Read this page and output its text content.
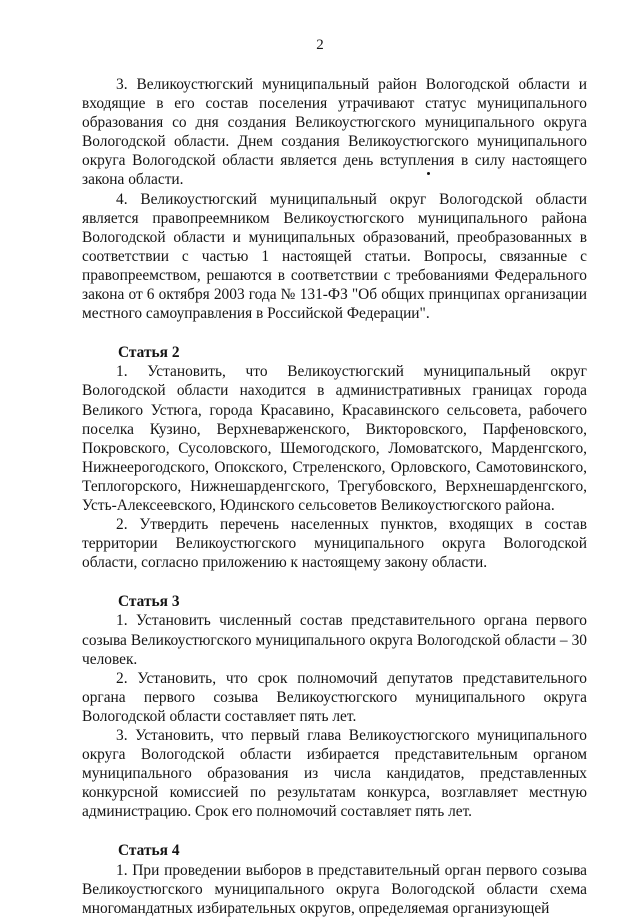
2

3. Великоустюгский муниципальный район Вологодской области и входящие в его состав поселения утрачивают статус муниципального образования со дня создания Великоустюгского муниципального округа Вологодской области. Днем создания Великоустюгского муниципального округа Вологодской области является день вступления в силу настоящего закона области.

4. Великоустюгский муниципальный округ Вологодской области является правопреемником Великоустюгского муниципального района Вологодской области и муниципальных образований, преобразованных в соответствии с частью 1 настоящей статьи. Вопросы, связанные с правопреемством, решаются в соответствии с требованиями Федерального закона от 6 октября 2003 года № 131-ФЗ "Об общих принципах организации местного самоуправления в Российской Федерации".

Статья 2

1. Установить, что Великоустюгский муниципальный округ Вологодской области находится в административных границах города Великого Устюга, города Красавино, Красавинского сельсовета, рабочего поселка Кузино, Верхневарженского, Викторовского, Парфеновского, Покровского, Сусоловского, Шемогодского, Ломоватского, Марденгского, Нижнеерогодского, Опокского, Стреленского, Орловского, Самотовинского, Теплогорского, Нижнешарденгского, Трегубовского, Верхнешарденгского, Усть-Алексеевского, Юдинского сельсоветов Великоустюгского района.

2. Утвердить перечень населенных пунктов, входящих в состав территории Великоустюгского муниципального округа Вологодской области, согласно приложению к настоящему закону области.

Статья 3

1. Установить численный состав представительного органа первого созыва Великоустюгского муниципального округа Вологодской области – 30 человек.

2. Установить, что срок полномочий депутатов представительного органа первого созыва Великоустюгского муниципального округа Вологодской области составляет пять лет.

3. Установить, что первый глава Великоустюгского муниципального округа Вологодской области избирается представительным органом муниципального образования из числа кандидатов, представленных конкурсной комиссией по результатам конкурса, возглавляет местную администрацию. Срок его полномочий составляет пять лет.

Статья 4

1. При проведении выборов в представительный орган первого созыва Великоустюгского муниципального округа Вологодской области схема многомандатных избирательных округов, определяемая организующей
